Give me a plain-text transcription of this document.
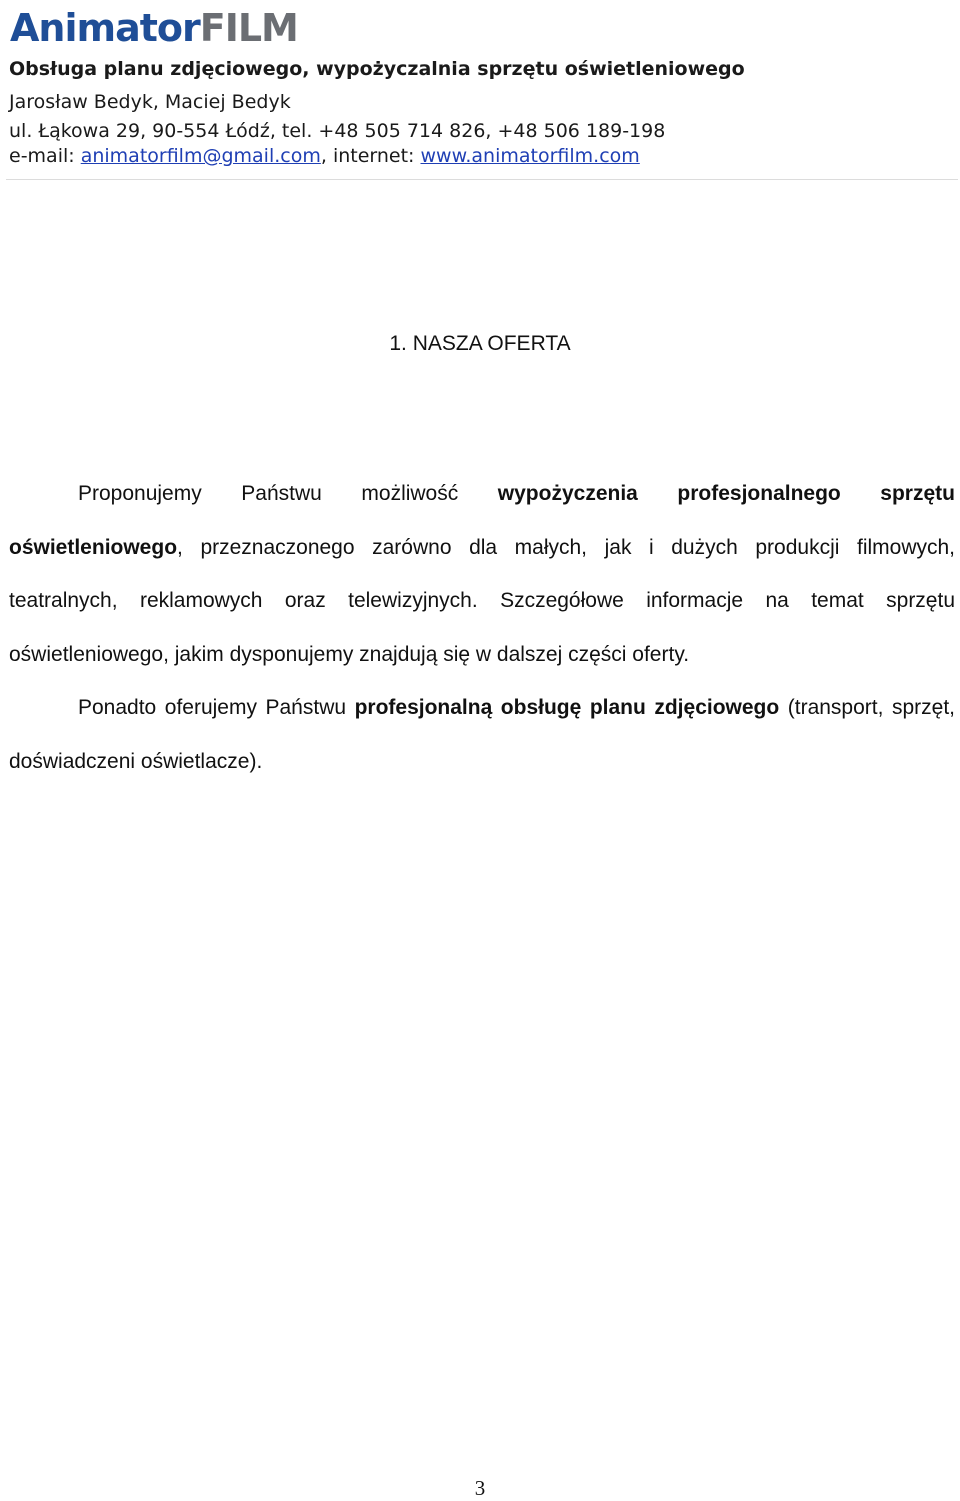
AnimatorFILM
Obsługa planu zdjęciowego, wypożyczalnia sprzętu oświetleniowego
Jarosław Bedyk, Maciej Bedyk
ul. Łąkowa 29, 90-554 Łódź, tel. +48 505 714 826, +48 506 189-198
e-mail: animatorfilm@gmail.com, internet: www.animatorfilm.com
1. NASZA OFERTA

Proponujemy Państwu możliwość wypożyczenia profesjonalnego sprzętu oświetleniowego, przeznaczonego zarówno dla małych, jak i dużych produkcji filmowych, teatralnych, reklamowych oraz telewizyjnych. Szczegółowe informacje na temat sprzętu oświetleniowego, jakim dysponujemy znajdują się w dalszej części oferty.

Ponadto oferujemy Państwu profesjonalną obsługę planu zdjęciowego (transport, sprzęt, doświadczeni oświetlacze).

3
